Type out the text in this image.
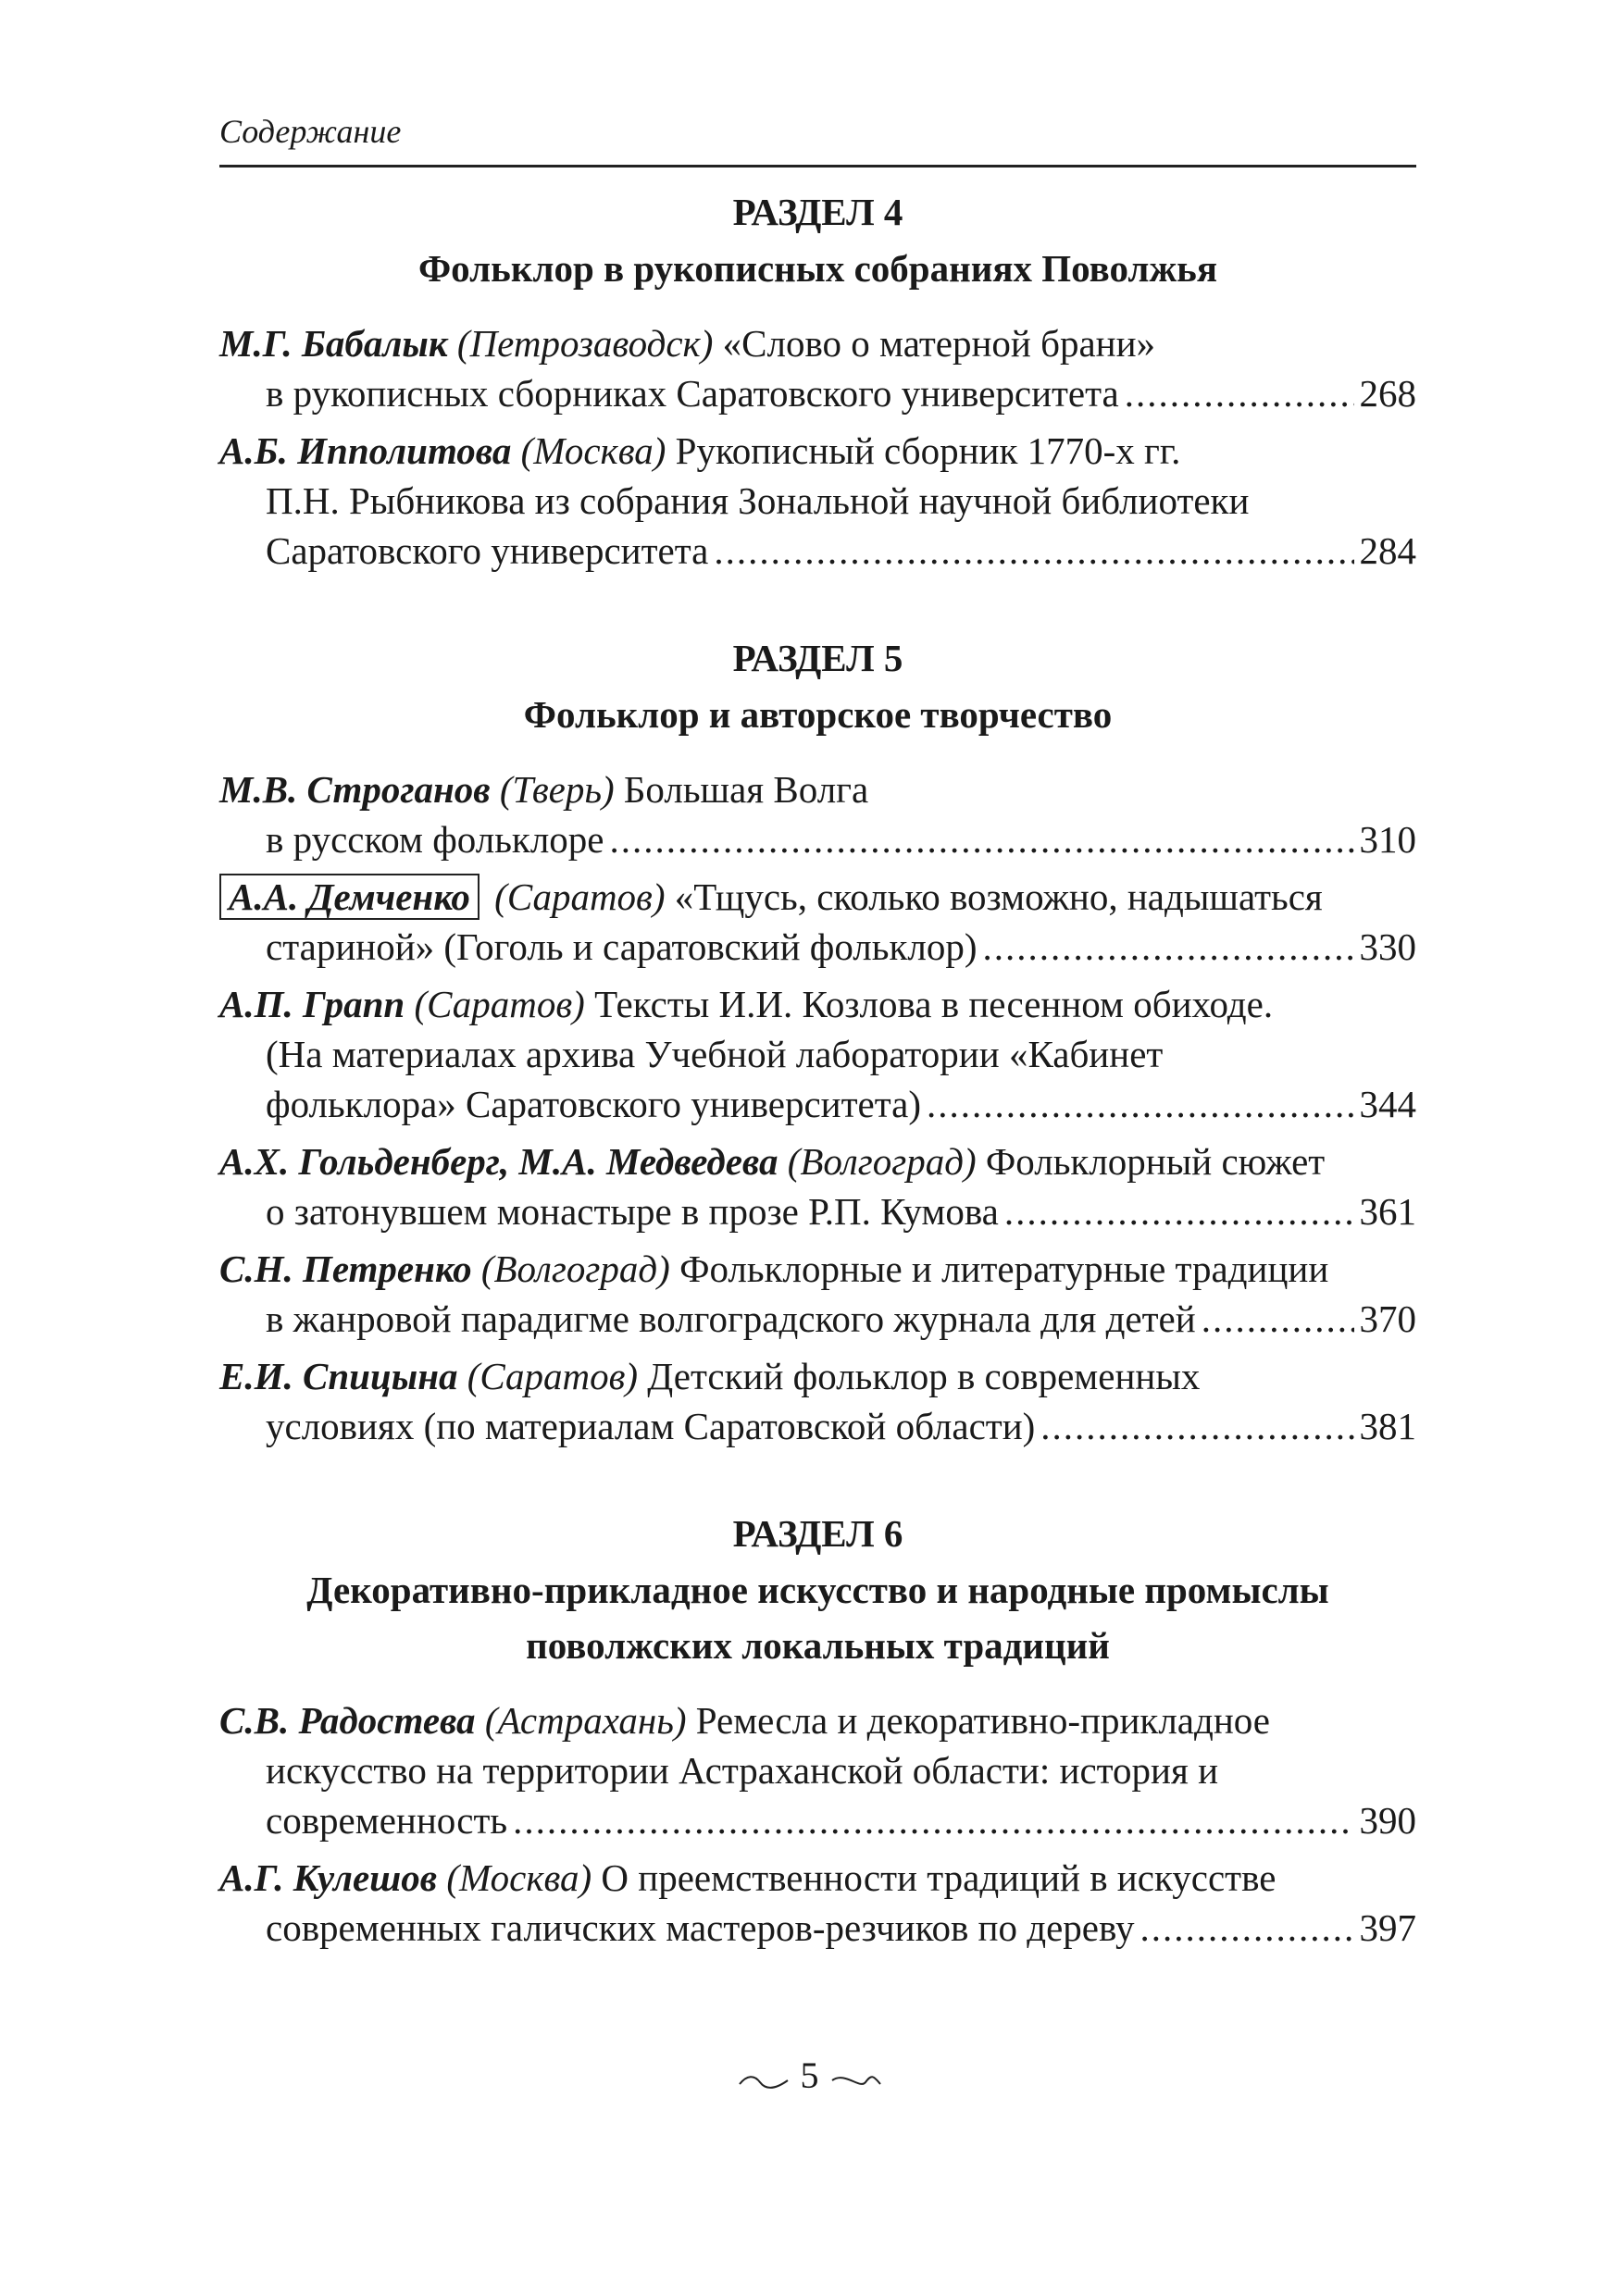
Содержание
РАЗДЕЛ 4
Фольклор в рукописных собраниях Поволжья
М.Г. Бабалык (Петрозаводск) «Слово о матерной брани»
в рукописных сборниках Саратовского университета .....	268
А.Б. Ипполитова (Москва) Рукописный сборник 1770-х гг.
П.Н. Рыбникова из собрания Зональной научной библиотеки
Саратовского университета .....	284
РАЗДЕЛ 5
Фольклор и авторское творчество
М.В. Строганов (Тверь) Большая Волга
в русском фольклоре .....	310
А.А. Демченко (Саратов) «Тщусь, сколько возможно, надышаться
стариной» (Гоголь и саратовский фольклор) .....	330
А.П. Грапп (Саратов) Тексты И.И. Козлова в песенном обиходе.
(На материалах архива Учебной лаборатории «Кабинет
фольклора» Саратовского университета) .....	344
А.Х. Гольденберг, М.А. Медведева (Волгоград) Фольклорный сюжет
о затонувшем монастыре в прозе Р.П. Кумова .....	361
С.Н. Петренко (Волгоград) Фольклорные и литературные традиции
в жанровой парадигме волгоградского журнала для детей .....	370
Е.И. Спицына (Саратов) Детский фольклор в современных
условиях (по материалам Саратовской области) .....	381
РАЗДЕЛ 6
Декоративно-прикладное искусство и народные промыслы
поволжских локальных традиций
С.В. Радостева (Астрахань) Ремесла и декоративно-прикладное
искусство на территории Астраханской области: история и
современность .....	390
А.Г. Кулешов (Москва) О преемственности традиций в искусстве
современных галичских мастеров-резчиков по дереву .....	397
5
